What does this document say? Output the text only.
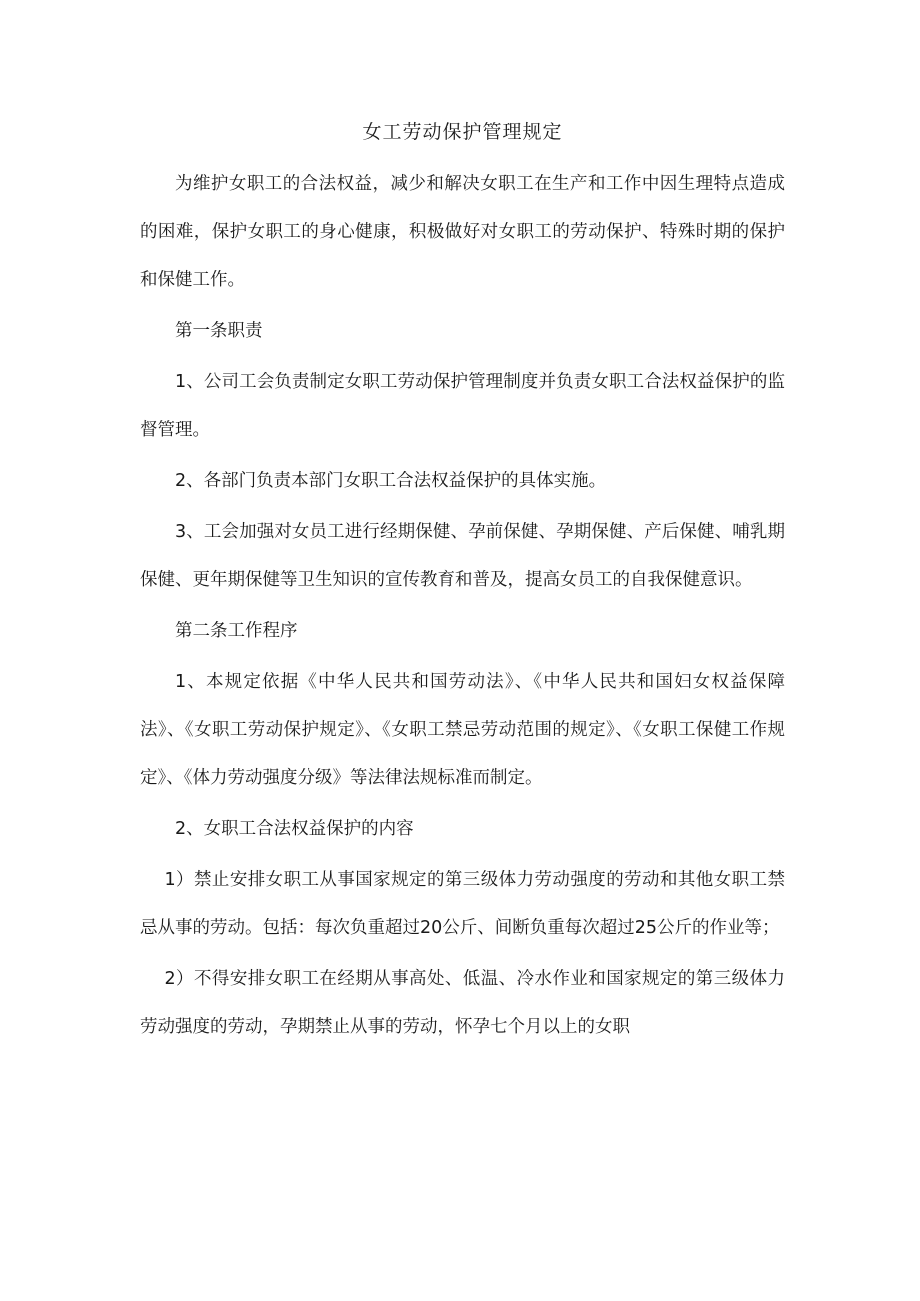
女工劳动保护管理规定

为维护女职工的合法权益，减少和解决女职工在生产和工作中因生理特点造成的困难，保护女职工的身心健康，积极做好对女职工的劳动保护、特殊时期的保护和保健工作。

第一条职责

1、公司工会负责制定女职工劳动保护管理制度并负责女职工合法权益保护的监督管理。

2、各部门负责本部门女职工合法权益保护的具体实施。

3、工会加强对女员工进行经期保健、孕前保健、孕期保健、产后保健、哺乳期保健、更年期保健等卫生知识的宣传教育和普及，提高女员工的自我保健意识。

第二条工作程序

1、本规定依据《中华人民共和国劳动法》、《中华人民共和国妇女权益保障法》、《女职工劳动保护规定》、《女职工禁忌劳动范围的规定》、《女职工保健工作规定》、《体力劳动强度分级》等法律法规标准而制定。

2、女职工合法权益保护的内容

1）禁止安排女职工从事国家规定的第三级体力劳动强度的劳动和其他女职工禁忌从事的劳动。包括：每次负重超过20公斤、间断负重每次超过25公斤的作业等；

2）不得安排女职工在经期从事高处、低温、冷水作业和国家规定的第三级体力劳动强度的劳动，孕期禁止从事的劳动，怀孕七个月以上的女职
